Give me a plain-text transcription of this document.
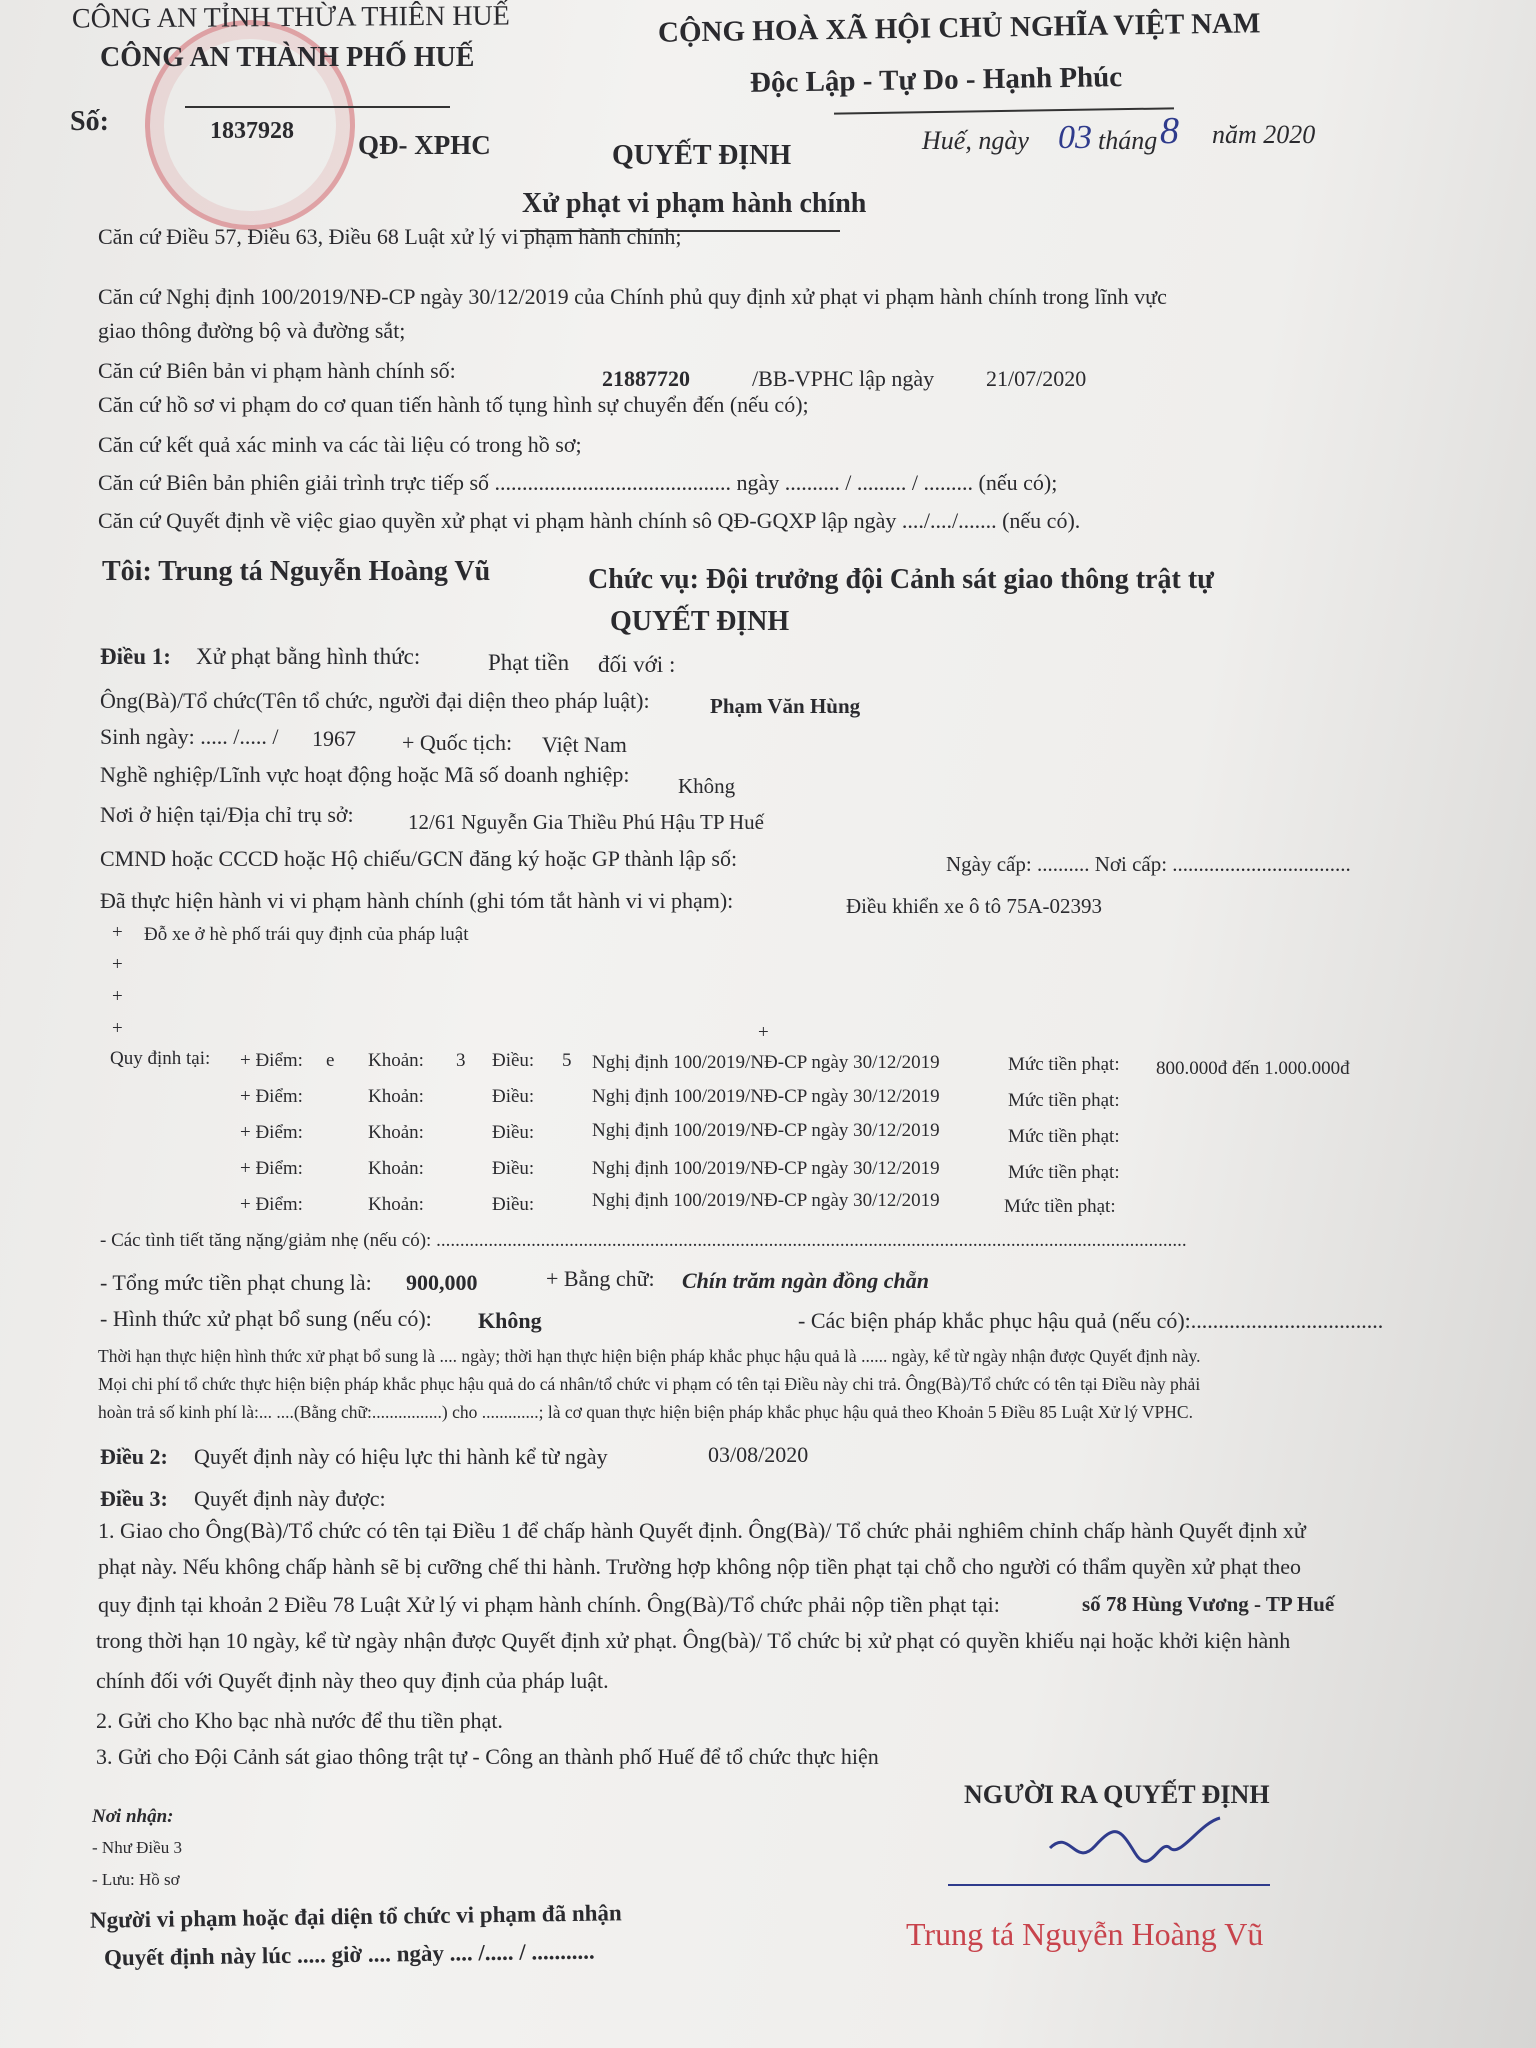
CÔNG AN TỈNH THỪA THIÊN HUẾ
CÔNG AN THÀNH PHỐ HUẾ
Số:	1837928 QĐ- XPHC
CỘNG HOÀ XÃ HỘI CHỦ NGHĨA VIỆT NAM
Độc Lập - Tự Do - Hạnh Phúc
Huế, ngày 03 tháng 8 năm 2020
QUYẾT ĐỊNH
Xử phạt vi phạm hành chính
Căn cứ Điều 57, Điều 63, Điều 68 Luật xử lý vi phạm hành chính;
Căn cứ Nghị định 100/2019/NĐ-CP ngày 30/12/2019 của Chính phủ quy định xử phạt vi phạm hành chính trong lĩnh vực
giao thông đường bộ và đường sắt;
Căn cứ Biên bản vi phạm hành chính số:	21887720	/BB-VPHC lập ngày 21/07/2020
Căn cứ hồ sơ vi phạm do cơ quan tiến hành tố tụng hình sự chuyển đến (nếu có);
Căn cứ kết quả xác minh va các tài liệu có trong hồ sơ;
Căn cứ Biên bản phiên giải trình trực tiếp số ........................................... ngày .......... / ......... / ......... (nếu có);
Căn cứ Quyết định về việc giao quyền xử phạt vi phạm hành chính sô QĐ-GQXP lập ngày ..../..../....... (nếu có).
Tôi: Trung tá Nguyễn Hoàng Vũ	Chức vụ: Đội trưởng đội Cảnh sát giao thông trật tự
QUYẾT ĐỊNH
Điều 1: Xử phạt bằng hình thức:	Phạt tiền đối với :
Ông(Bà)/Tổ chức(Tên tổ chức, người đại diện theo pháp luật):	Phạm Văn Hùng
Sinh ngày: ..... /..... / 1967 + Quốc tịch: Việt Nam
Nghề nghiệp/Lĩnh vực hoạt động hoặc Mã số doanh nghiệp: Không
Nơi ở hiện tại/Địa chỉ trụ sở:	12/61 Nguyễn Gia Thiều Phú Hậu TP Huế
CMND hoặc CCCD hoặc Hộ chiếu/GCN đăng ký hoặc GP thành lập số:	Ngày cấp: .......... Nơi cấp: ..................................
Đã thực hiện hành vi vi phạm hành chính (ghi tóm tắt hành vi vi phạm):	Điều khiển xe ô tô 75A-02393
+ Đỗ xe ở hè phố trái quy định của pháp luật
+
+
+	+
Quy định tại: + Điểm: e Khoản: 3 Điều: 5 Nghị định 100/2019/NĐ-CP ngày 30/12/2019	Mức tiền phạt: 800.000đ đến 1.000.000đ
+ Điểm:	Khoản:	Điều:	Nghị định 100/2019/NĐ-CP ngày 30/12/2019	Mức tiền phạt:
+ Điểm:	Khoản:	Điều:	Nghị định 100/2019/NĐ-CP ngày 30/12/2019	Mức tiền phạt:
+ Điểm:	Khoản:	Điều:	Nghị định 100/2019/NĐ-CP ngày 30/12/2019	Mức tiền phạt:
+ Điểm:	Khoản:	Điều:	Nghị định 100/2019/NĐ-CP ngày 30/12/2019	Mức tiền phạt:
- Các tình tiết tăng nặng/giảm nhẹ (nếu có): ..............................................................................................................................................................
- Tổng mức tiền phạt chung là: 900,000	+ Bằng chữ: Chín trăm ngàn đồng chẵn
- Hình thức xử phạt bổ sung (nếu có): Không	- Các biện pháp khắc phục hậu quả (nếu có):...................................
Thời hạn thực hiện hình thức xử phạt bổ sung là .... ngày; thời hạn thực hiện biện pháp khắc phục hậu quả là ...... ngày, kể từ ngày nhận được Quyết định này.
Mọi chi phí tổ chức thực hiện biện pháp khắc phục hậu quả do cá nhân/tổ chức vi phạm có tên tại Điều này chi trả. Ông(Bà)/Tổ chức có tên tại Điều này phải
hoàn trả số kinh phí là:... ....(Bằng chữ:................) cho .............; là cơ quan thực hiện biện pháp khắc phục hậu quả theo Khoản 5 Điều 85 Luật Xử lý VPHC.
Điều 2: Quyết định này có hiệu lực thi hành kể từ ngày	03/08/2020
Điều 3: Quyết định này được:
1. Giao cho Ông(Bà)/Tổ chức có tên tại Điều 1 để chấp hành Quyết định. Ông(Bà)/ Tổ chức phải nghiêm chỉnh chấp hành Quyết định xử
phạt này. Nếu không chấp hành sẽ bị cưỡng chế thi hành. Trường hợp không nộp tiền phạt tại chỗ cho người có thẩm quyền xử phạt theo
quy định tại khoản 2 Điều 78 Luật Xử lý vi phạm hành chính. Ông(Bà)/Tổ chức phải nộp tiền phạt tại:	số 78 Hùng Vương - TP Huế
trong thời hạn 10 ngày, kể từ ngày nhận được Quyết định xử phạt. Ông(bà)/ Tổ chức bị xử phạt có quyền khiếu nại hoặc khởi kiện hành
chính đối với Quyết định này theo quy định của pháp luật.
2. Gửi cho Kho bạc nhà nước để thu tiền phạt.
3. Gửi cho Đội Cảnh sát giao thông trật tự - Công an thành phố Huế để tổ chức thực hiện
NGƯỜI RA QUYẾT ĐỊNH
Trung tá Nguyễn Hoàng Vũ
Nơi nhận:
- Như Điều 3
- Lưu: Hồ sơ
Người vi phạm hoặc đại diện tổ chức vi phạm đã nhận
Quyết định này lúc ..... giờ .... ngày .... /..... / ...........
